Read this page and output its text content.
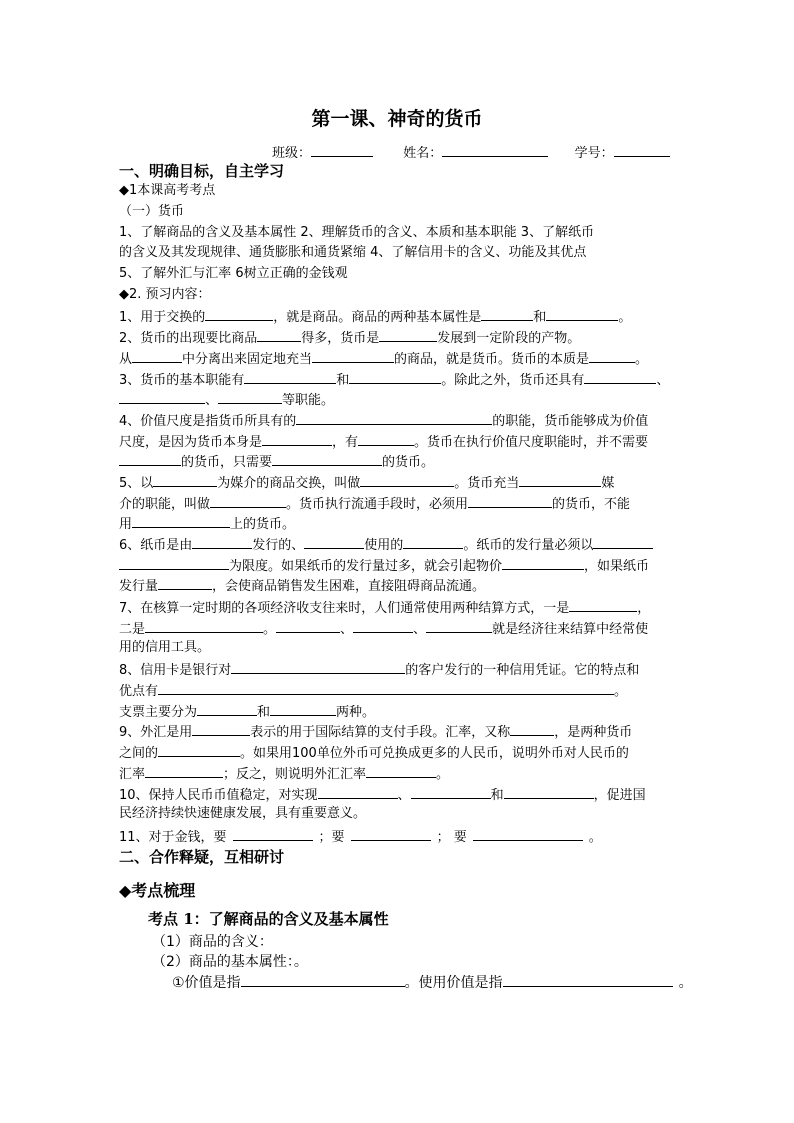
第一课、神奇的货币
班级：	姓名：	学号：
一、明确目标，自主学习
◆1本课高考考点
（一）货币
1、了解商品的含义及基本属性 2、理解货币的含义、本质和基本职能 3、了解纸币
的含义及其发现规律、通货膨胀和通货紧缩 4、了解信用卡的含义、功能及其优点
5、了解外汇与汇率 6树立正确的金钱观
◆2. 预习内容：
1、用于交换的	，就是商品。商品的两种基本属性是	和	。
2、货币的出现要比商品	得多，货币是	发展到一定阶段的产物。
从	中分离出来固定地充当	的商品，就是货币。货币的本质是	。
3、货币的基本职能有	和	。除此之外，货币还具有	、
、	等职能。
4、价值尺度是指货币所具有的	的职能，货币能够成为价值
尺度，是因为货币本身是	，有	。货币在执行价值尺度职能时，并不需要
的货币，只需要	的货币。
5、以	为媒介的商品交换，叫做	。货币充当	媒
介的职能，叫做	。货币执行流通手段时，必须用	的货币，不能
用	上的货币。
6、纸币是由	发行的、	使用的	。纸币的发行量必须以
为限度。如果纸币的发行量过多，就会引起物价	，如果纸币
发行量	，会使商品销售发生困难，直接阻碍商品流通。
7、在核算一定时期的各项经济收支往来时，人们通常使用两种结算方式，一是	，
二是	。	、	、	就是经济往来结算中经常使
用的信用工具。
8、信用卡是银行对	的客户发行的一种信用凭证。它的特点和
优点有	。
支票主要分为	和	两种。
9、外汇是用	表示的用于国际结算的支付手段。汇率，又称	，是两种货币
之间的	。如果用100单位外币可兑换成更多的人民币，说明外币对人民币的
汇率	；反之，则说明外汇汇率	。
10、保持人民币币值稳定，对实现	、	和	，促进国
民经济持续快速健康发展，具有重要意义。
11、对于金钱，要	；要	； 要	。
二、合作释疑，互相研讨
◆考点梳理
考点 1：了解商品的含义及基本属性
（1）商品的含义：
（2）商品的基本属性：。
①价值是指	。使用价值是指	。
